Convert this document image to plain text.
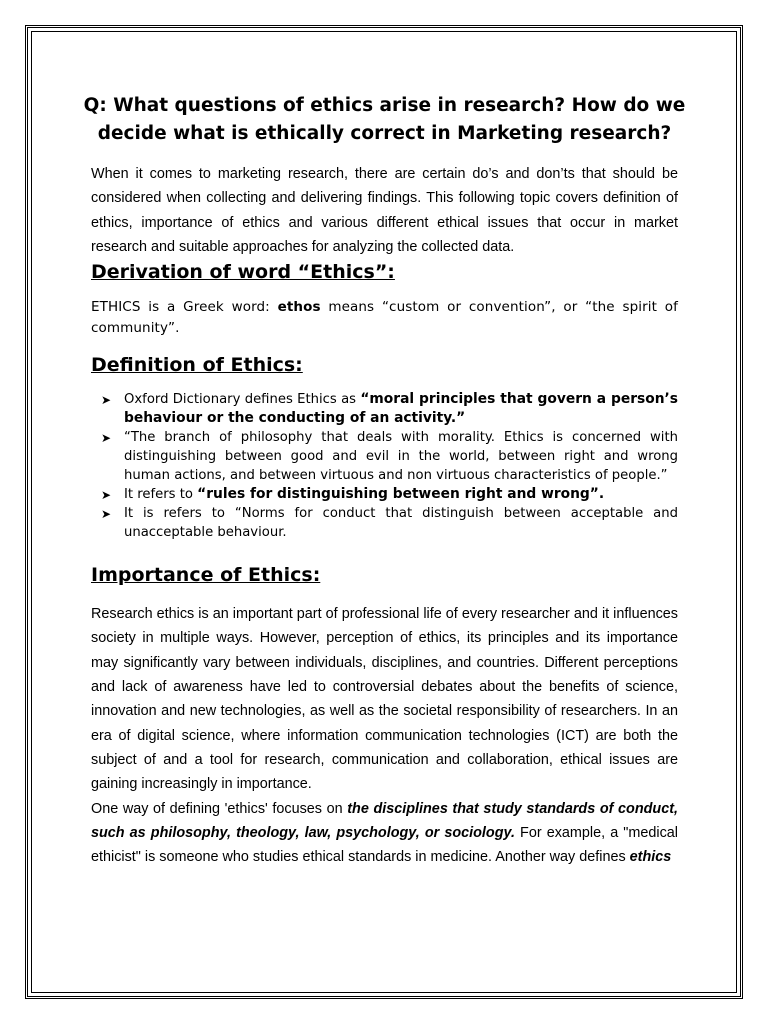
Q: What questions of ethics arise in research? How do we decide what is ethically correct in Marketing research?

When it comes to marketing research, there are certain do’s and don’ts that should be considered when collecting and delivering findings. This following topic covers definition of ethics, importance of ethics and various different ethical issues that occur in market research and suitable approaches for analyzing the collected data.

Derivation of word “Ethics”:

ETHICS is a Greek word: ethos means “custom or convention”, or “the spirit of community”.

Definition of Ethics:
➤ Oxford Dictionary defines Ethics as “moral principles that govern a person’s behaviour or the conducting of an activity.”
➤ “The branch of philosophy that deals with morality. Ethics is concerned with distinguishing between good and evil in the world, between right and wrong human actions, and between virtuous and non virtuous characteristics of people.”
➤ It refers to “rules for distinguishing between right and wrong”.
➤ It is refers to “Norms for conduct that distinguish between acceptable and unacceptable behaviour.
Importance of Ethics:

Research ethics is an important part of professional life of every researcher and it influences society in multiple ways. However, perception of ethics, its principles and its importance may significantly vary between individuals, disciplines, and countries. Different perceptions and lack of awareness have led to controversial debates about the benefits of science, innovation and new technologies, as well as the societal responsibility of researchers. In an era of digital science, where information communication technologies (ICT) are both the subject of and a tool for research, communication and collaboration, ethical issues are gaining increasingly in importance.

One way of defining 'ethics' focuses on the disciplines that study standards of conduct, such as philosophy, theology, law, psychology, or sociology. For example, a "medical ethicist" is someone who studies ethical standards in medicine. Another way defines ethics
